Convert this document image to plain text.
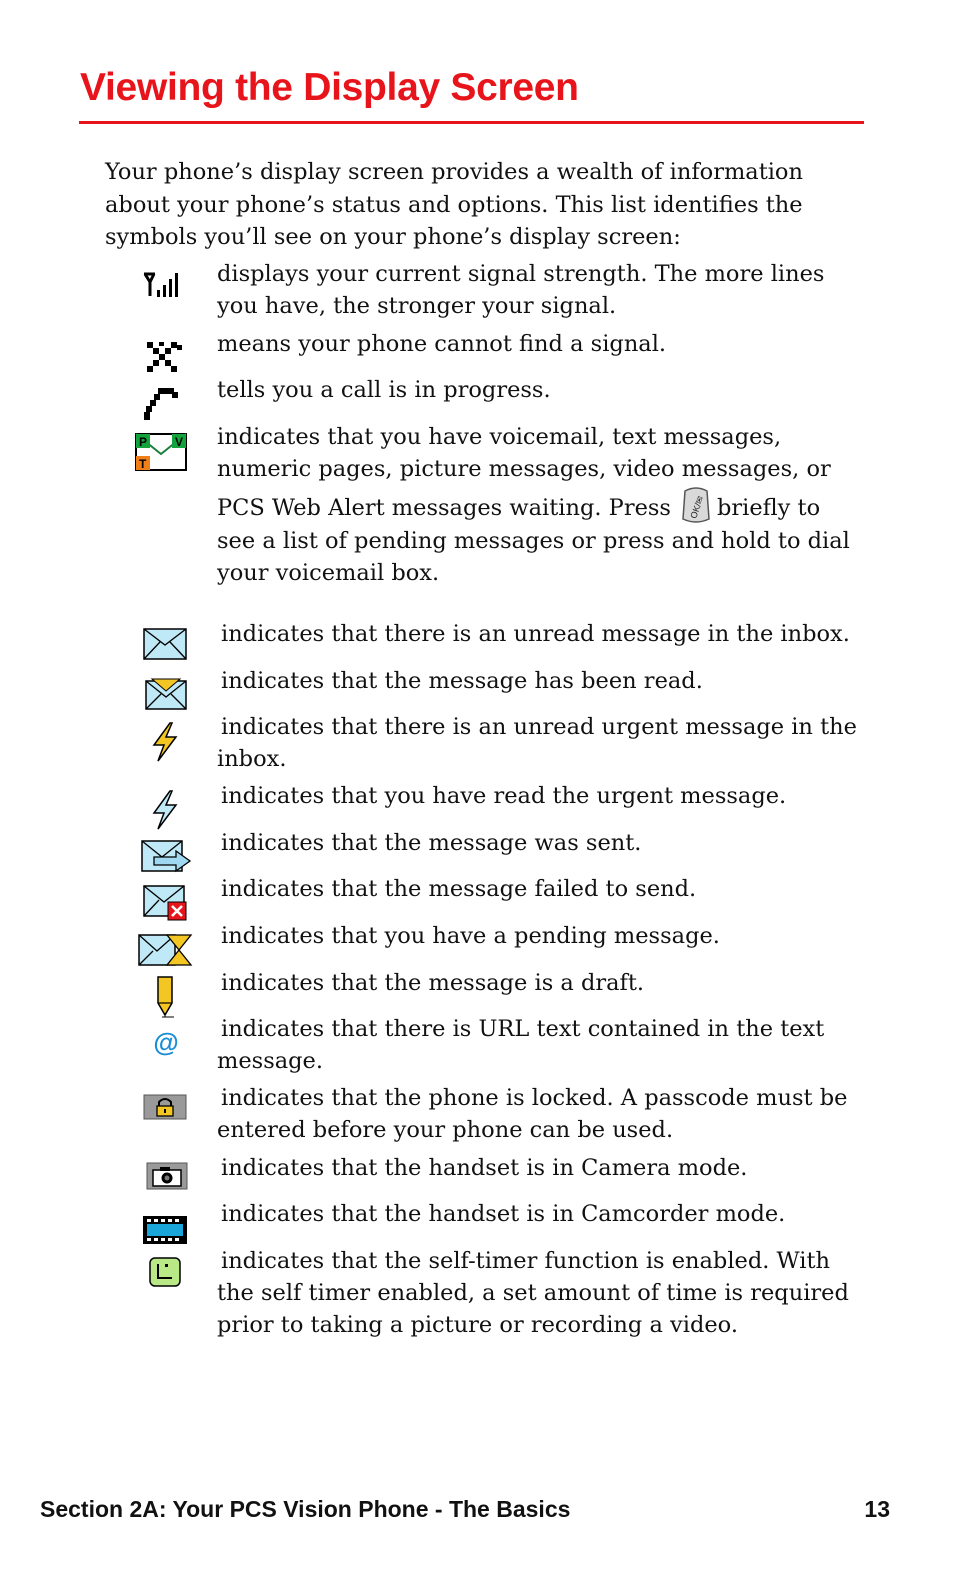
Viewing the Display Screen

Your phone’s display screen provides a wealth of information about your phone’s status and options. This list identifies the symbols you’ll see on your phone’s display screen:

displays your current signal strength. The more lines you have, the stronger your signal.

means your phone cannot find a signal.

tells you a call is in progress.

P V
T

indicates that you have voicemail, text messages, numeric pages, picture messages, video messages, or PCS Web Alert messages waiting. Press OK/✉ briefly to see a list of pending messages or press and hold to dial your voicemail box.

indicates that there is an unread message in the inbox.

indicates that the message has been read.

indicates that there is an unread urgent message in the inbox.

indicates that you have read the urgent message.

indicates that the message was sent.

indicates that the message failed to send.

indicates that you have a pending message.

indicates that the message is a draft.

@ indicates that there is URL text contained in the text message.

indicates that the phone is locked. A passcode must be entered before your phone can be used.

indicates that the handset is in Camera mode.

indicates that the handset is in Camcorder mode.

indicates that the self-timer function is enabled. With the self timer enabled, a set amount of time is required prior to taking a picture or recording a video.

Section 2A: Your PCS Vision Phone - The Basics	13
